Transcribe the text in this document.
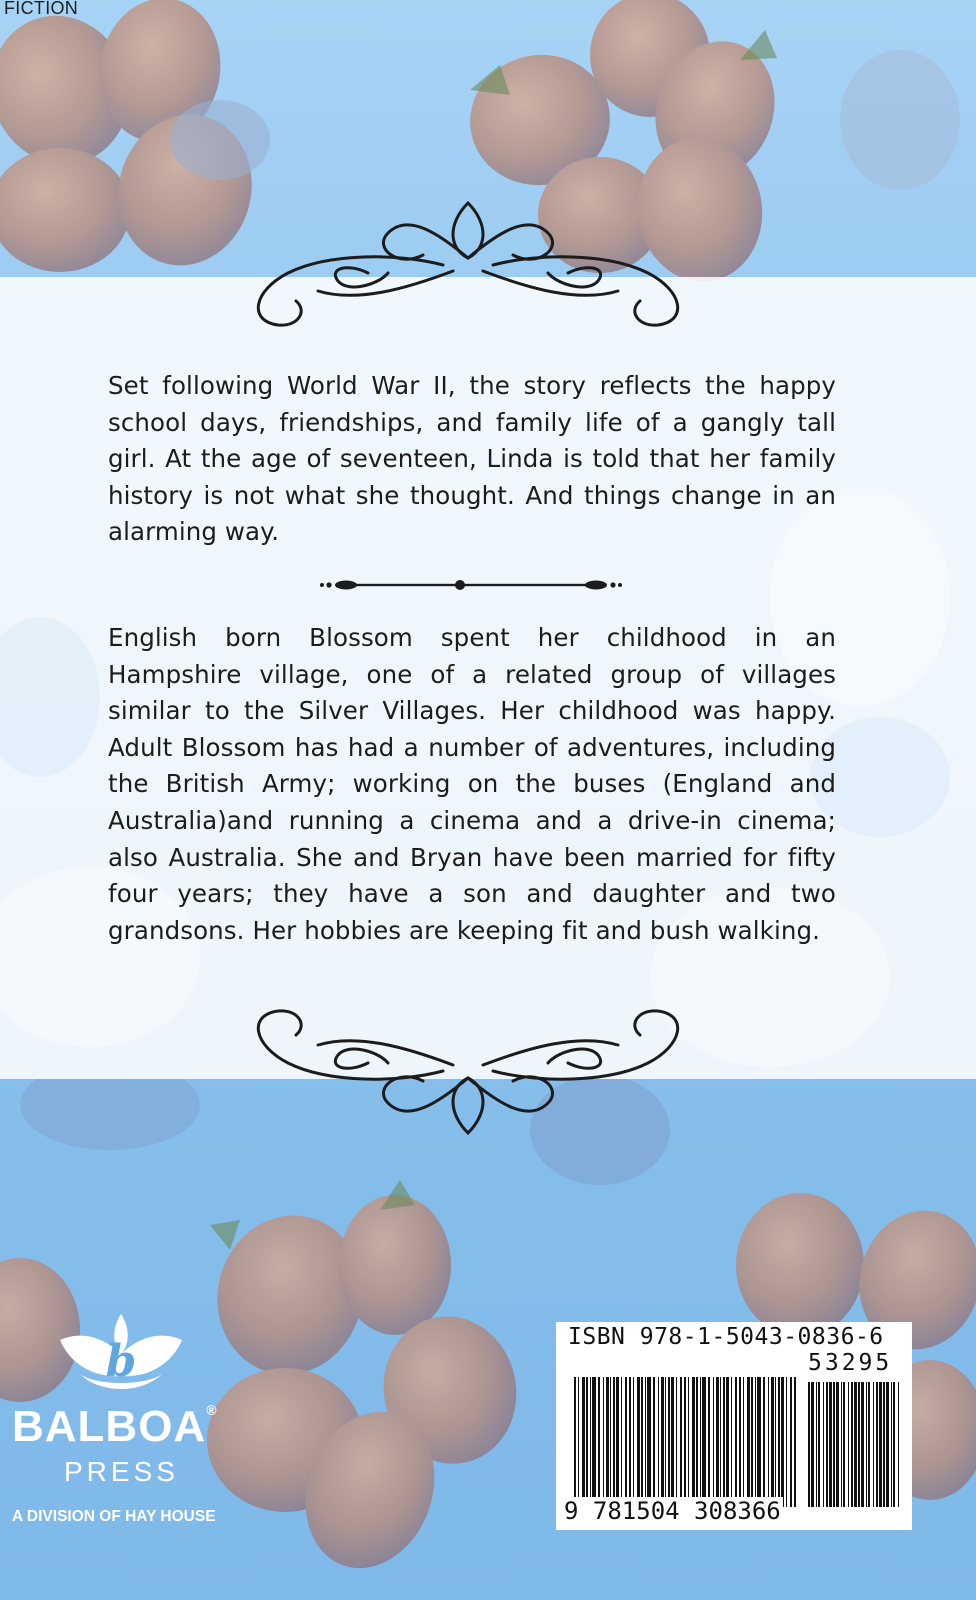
FICTION
Set following World War II, the story reflects the happy school days, friendships, and family life of a gangly tall girl. At the age of seventeen, Linda is told that her family history is not what she thought. And things change in an alarming way.
English born Blossom spent her childhood in an Hampshire village, one of a related group of villages similar to the Silver Villages. Her childhood was happy. Adult Blossom has had a number of adventures, including the British Army; working on the buses (England and Australia)and running a cinema and a drive-in cinema; also Australia. She and Bryan have been married for fifty four years; they have a son and daughter and two grandsons. Her hobbies are keeping fit and bush walking.
b
BALBOA®
PRESS
A DIVISION OF HAY HOUSE
ISBN 978-1-5043-0836-6
53295
9 781504 308366
